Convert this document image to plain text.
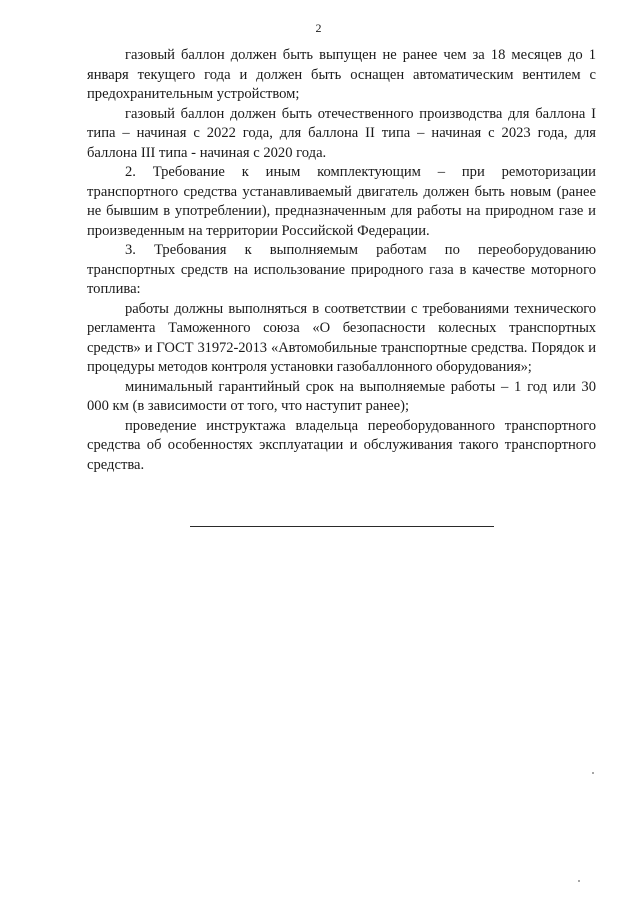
2

газовый баллон должен быть выпущен не ранее чем за 18 месяцев до 1 января текущего года и должен быть оснащен автоматическим вентилем с предохранительным устройством;

газовый баллон должен быть отечественного производства для баллона I типа – начиная с 2022 года, для баллона II типа – начиная с 2023 года, для баллона III типа - начиная с 2020 года.

2. Требование к иным комплектующим – при ремоторизации транспортного средства устанавливаемый двигатель должен быть новым (ранее не бывшим в употреблении), предназначенным для работы на природном газе и произведенным на территории Российской Федерации.

3. Требования к выполняемым работам по переоборудованию транспортных средств на использование природного газа в качестве моторного топлива:

работы должны выполняться в соответствии с требованиями технического регламента Таможенного союза «О безопасности колесных транспортных средств» и ГОСТ 31972-2013 «Автомобильные транспортные средства. Порядок и процедуры методов контроля установки газобаллонного оборудования»;

минимальный гарантийный срок на выполняемые работы – 1 год или 30 000 км (в зависимости от того, что наступит ранее);

проведение инструктажа владельца переоборудованного транспортного средства об особенностях эксплуатации и обслуживания такого транспортного средства.
